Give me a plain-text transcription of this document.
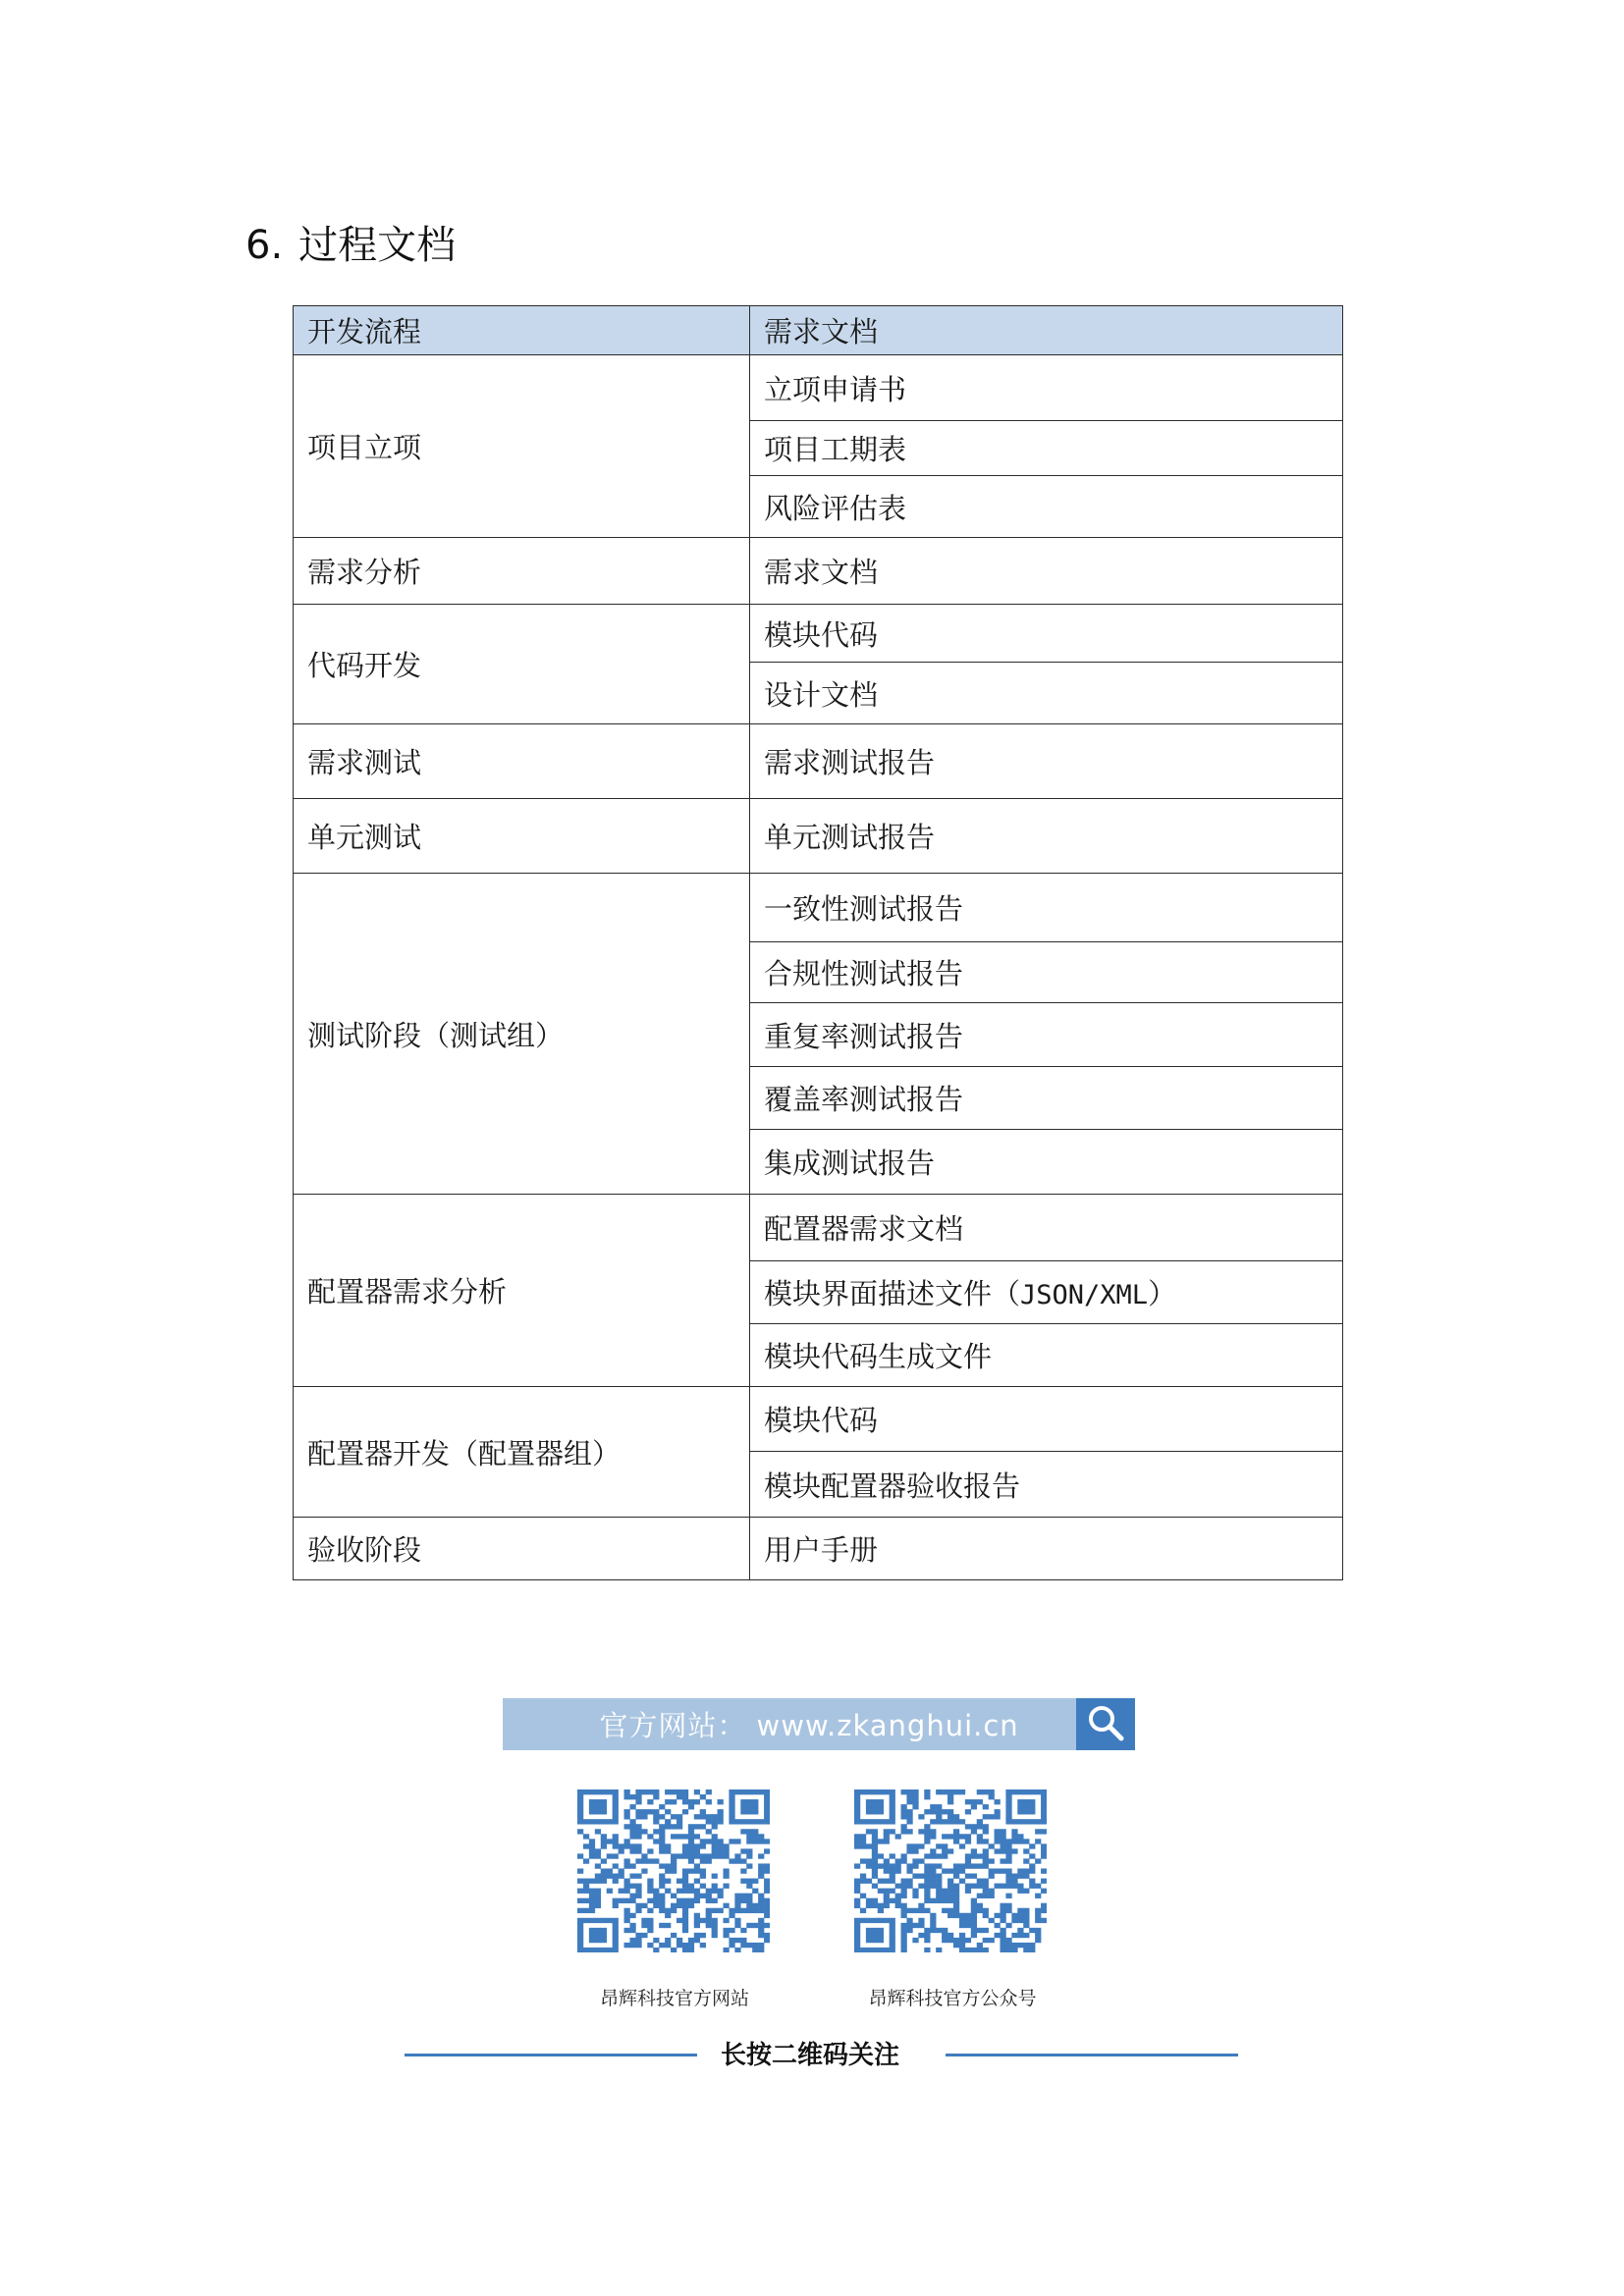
6. 过程文档
开发流程	需求文档
项目立项	立项申请书
	项目工期表
	风险评估表
需求分析	需求文档
代码开发	模块代码
	设计文档
需求测试	需求测试报告
单元测试	单元测试报告
测试阶段（测试组）	一致性测试报告
	合规性测试报告
	重复率测试报告
	覆盖率测试报告
	集成测试报告
配置器需求分析	配置器需求文档
	模块界面描述文件（JSON/XML）
	模块代码生成文件
配置器开发（配置器组）	模块代码
	模块配置器验收报告
验收阶段	用户手册
官方网站： www.zkanghui.cn
昂辉科技官方网站	昂辉科技官方公众号
长按二维码关注
